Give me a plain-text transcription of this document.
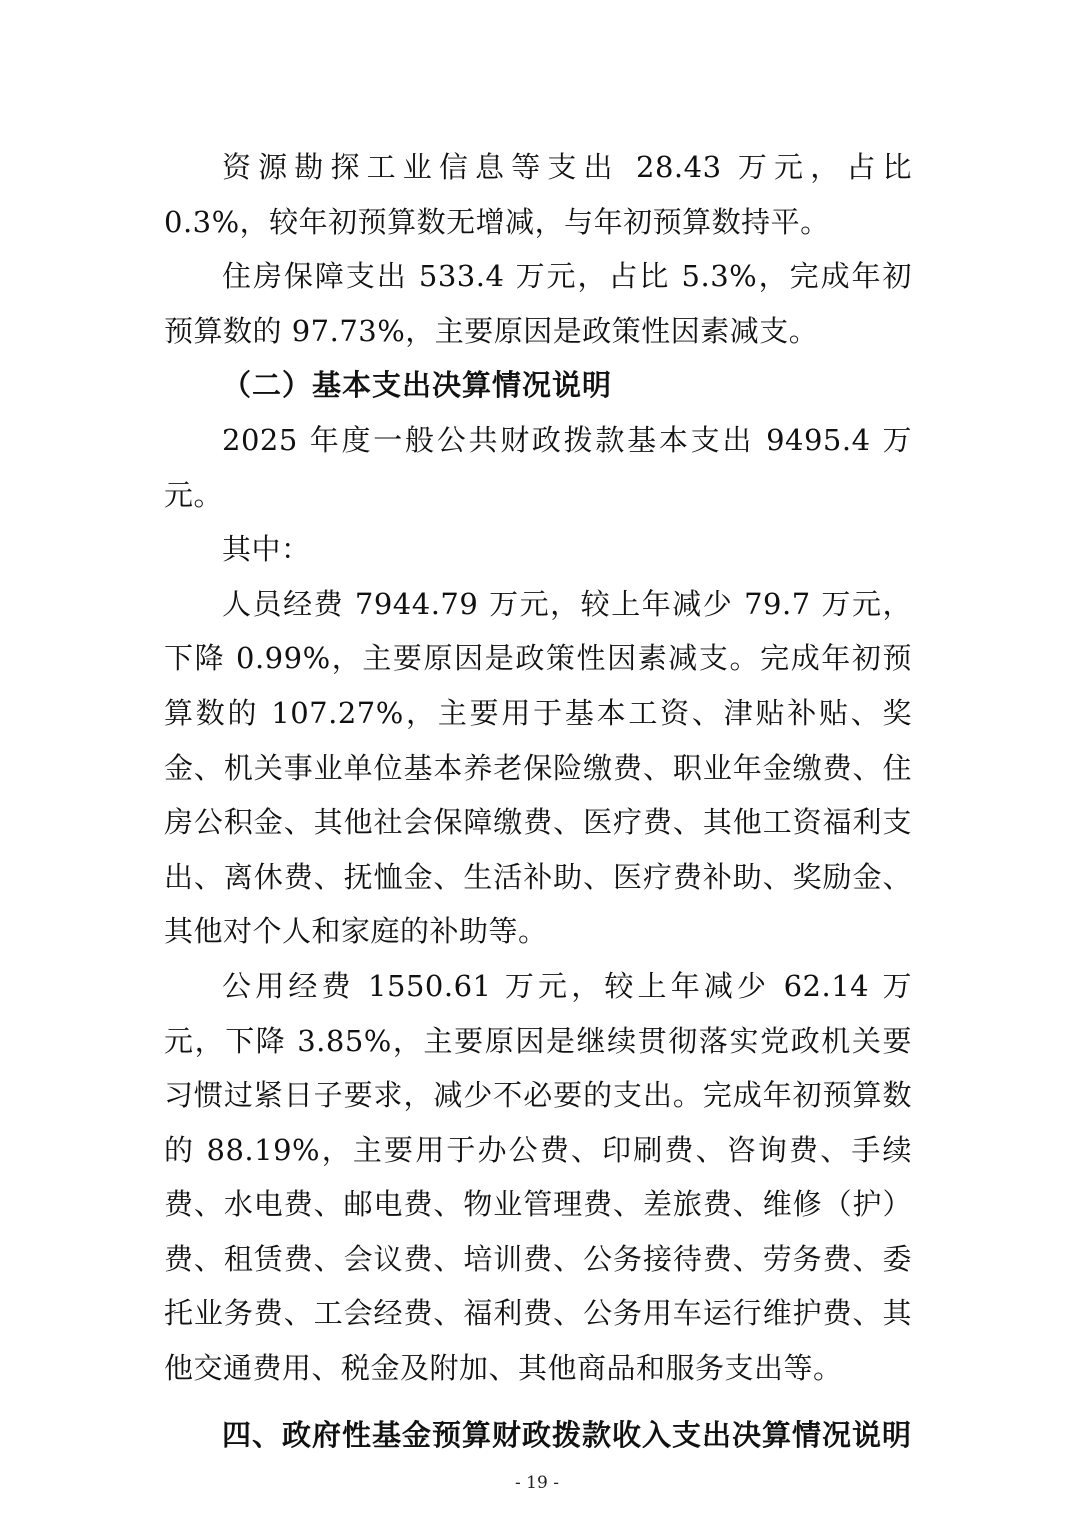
资源勘探工业信息等支出 28.43 万元，占比 0.3%，较年初预算数无增减，与年初预算数持平。

住房保障支出 533.4 万元，占比 5.3%，完成年初预算数的 97.73%，主要原因是政策性因素减支。

（二）基本支出决算情况说明

2025 年度一般公共财政拨款基本支出 9495.4 万元。

其中：

人员经费 7944.79 万元，较上年减少 79.7 万元，下降 0.99%，主要原因是政策性因素减支。完成年初预算数的 107.27%，主要用于基本工资、津贴补贴、奖金、机关事业单位基本养老保险缴费、职业年金缴费、住房公积金、其他社会保障缴费、医疗费、其他工资福利支出、离休费、抚恤金、生活补助、医疗费补助、奖励金、其他对个人和家庭的补助等。

公用经费 1550.61 万元，较上年减少 62.14 万元，下降 3.85%，主要原因是继续贯彻落实党政机关要习惯过紧日子要求，减少不必要的支出。完成年初预算数的 88.19%，主要用于办公费、印刷费、咨询费、手续费、水电费、邮电费、物业管理费、差旅费、维修（护）费、租赁费、会议费、培训费、公务接待费、劳务费、委托业务费、工会经费、福利费、公务用车运行维护费、其他交通费用、税金及附加、其他商品和服务支出等。

四、政府性基金预算财政拨款收入支出决算情况说明

- 19 -
